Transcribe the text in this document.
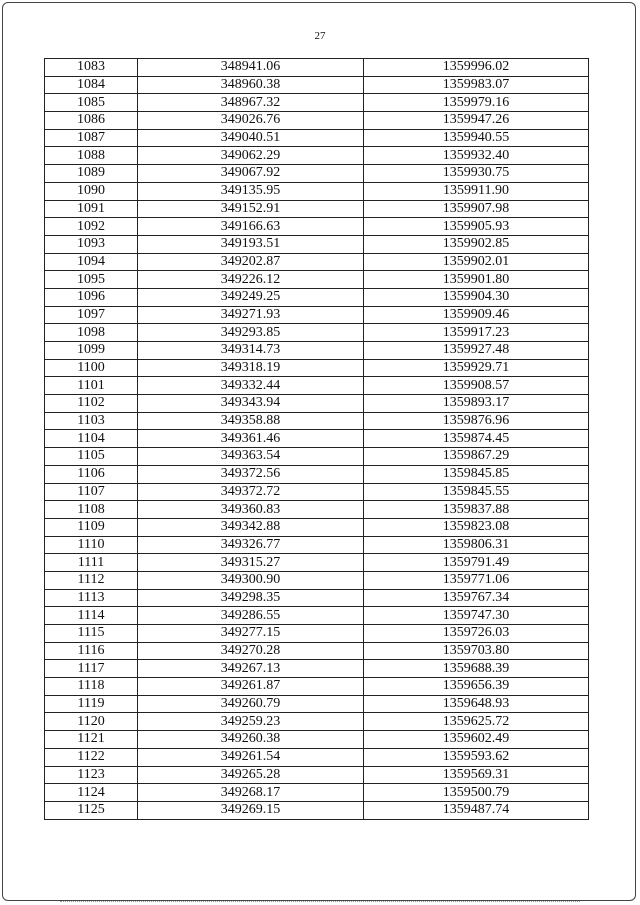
27
1083	348941.06	1359996.02
1084	348960.38	1359983.07
1085	348967.32	1359979.16
1086	349026.76	1359947.26
1087	349040.51	1359940.55
1088	349062.29	1359932.40
1089	349067.92	1359930.75
1090	349135.95	1359911.90
1091	349152.91	1359907.98
1092	349166.63	1359905.93
1093	349193.51	1359902.85
1094	349202.87	1359902.01
1095	349226.12	1359901.80
1096	349249.25	1359904.30
1097	349271.93	1359909.46
1098	349293.85	1359917.23
1099	349314.73	1359927.48
1100	349318.19	1359929.71
1101	349332.44	1359908.57
1102	349343.94	1359893.17
1103	349358.88	1359876.96
1104	349361.46	1359874.45
1105	349363.54	1359867.29
1106	349372.56	1359845.85
1107	349372.72	1359845.55
1108	349360.83	1359837.88
1109	349342.88	1359823.08
1110	349326.77	1359806.31
1111	349315.27	1359791.49
1112	349300.90	1359771.06
1113	349298.35	1359767.34
1114	349286.55	1359747.30
1115	349277.15	1359726.03
1116	349270.28	1359703.80
1117	349267.13	1359688.39
1118	349261.87	1359656.39
1119	349260.79	1359648.93
1120	349259.23	1359625.72
1121	349260.38	1359602.49
1122	349261.54	1359593.62
1123	349265.28	1359569.31
1124	349268.17	1359500.79
1125	349269.15	1359487.74
